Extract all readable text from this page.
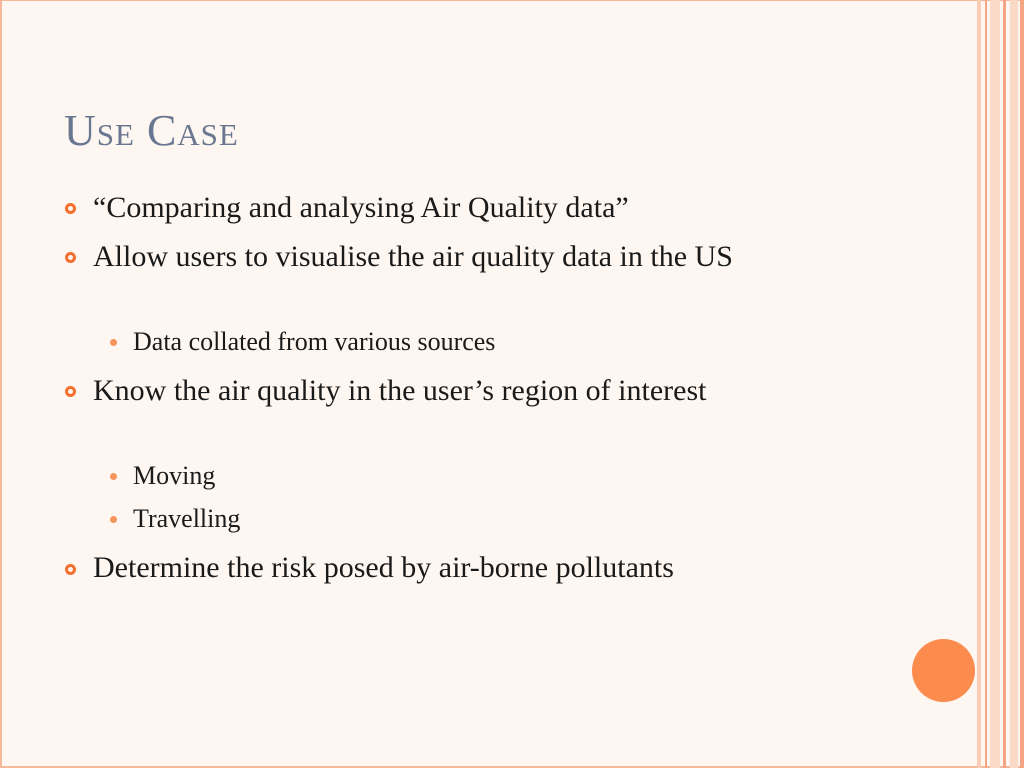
Use Case
“Comparing and analysing Air Quality data”
Allow users to visualise the air quality data in the US
Data collated from various sources
Know the air quality in the user’s region of interest
Moving
Travelling
Determine the risk posed by air-borne pollutants
